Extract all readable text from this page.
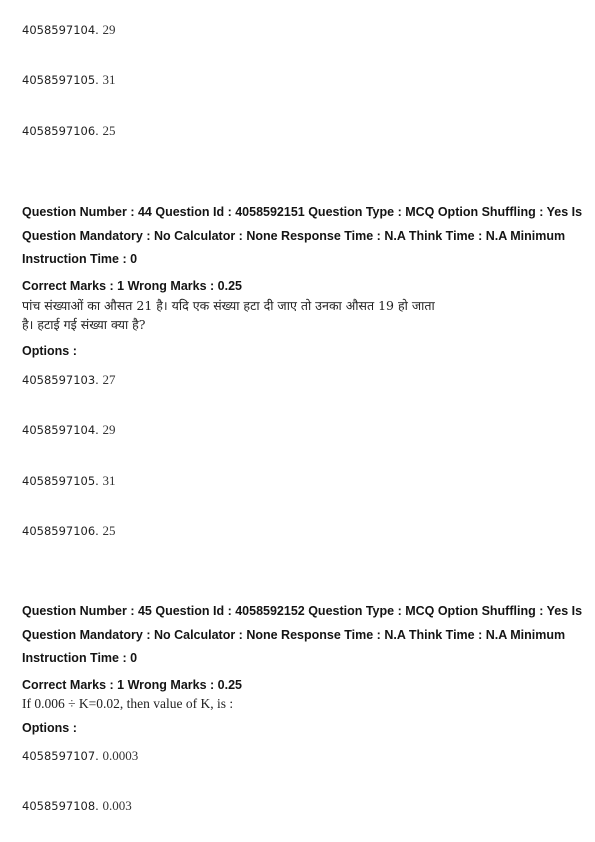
4058597104. 29
4058597105. 31
4058597106. 25
Question Number : 44 Question Id : 4058592151 Question Type : MCQ Option Shuffling : Yes Is
Question Mandatory : No Calculator : None Response Time : N.A Think Time : N.A Minimum
Instruction Time : 0
Correct Marks : 1 Wrong Marks : 0.25
पांच संख्याओं का औसत 21 है। यदि एक संख्या हटा दी जाए तो उनका औसत 19 हो जाता
है। हटाई गई संख्या क्या है?
Options :
4058597103. 27
4058597104. 29
4058597105. 31
4058597106. 25
Question Number : 45 Question Id : 4058592152 Question Type : MCQ Option Shuffling : Yes Is
Question Mandatory : No Calculator : None Response Time : N.A Think Time : N.A Minimum
Instruction Time : 0
Correct Marks : 1 Wrong Marks : 0.25
If 0.006 ÷ K=0.02, then value of K, is :
Options :
4058597107. 0.0003
4058597108. 0.003
